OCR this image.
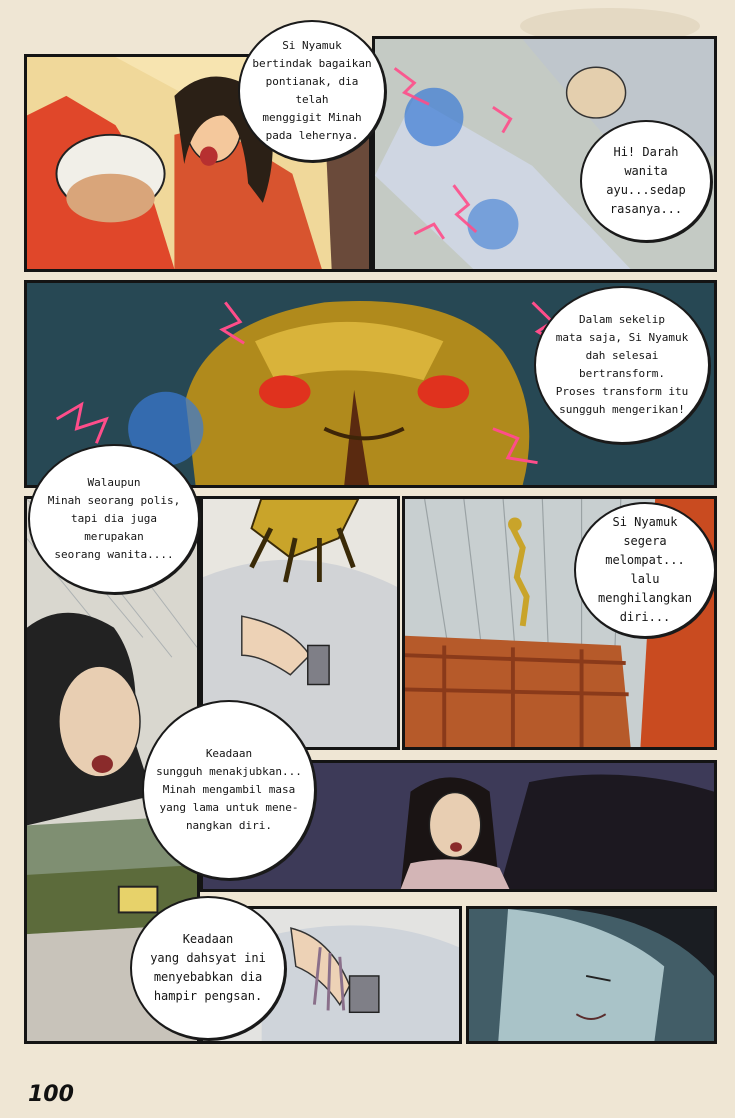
Si Nyamuk
bertindak bagaikan
pontianak, dia telah
menggigit Minah
pada lehernya.
Hi! Darah
wanita ayu...sedap
rasanya...
Dalam sekelip
mata saja, Si Nyamuk
dah selesai bertransform.
Proses transform itu
sungguh mengerikan!
Walaupun
Minah seorang polis,
tapi dia juga merupakan
seorang wanita....
Si Nyamuk
segera melompat...
lalu menghilangkan
diri...
Keadaan
sungguh menakjubkan...
Minah mengambil masa
yang lama untuk mene-
nangkan diri.
Keadaan
yang dahsyat ini
menyebabkan dia
hampir pengsan.
100
